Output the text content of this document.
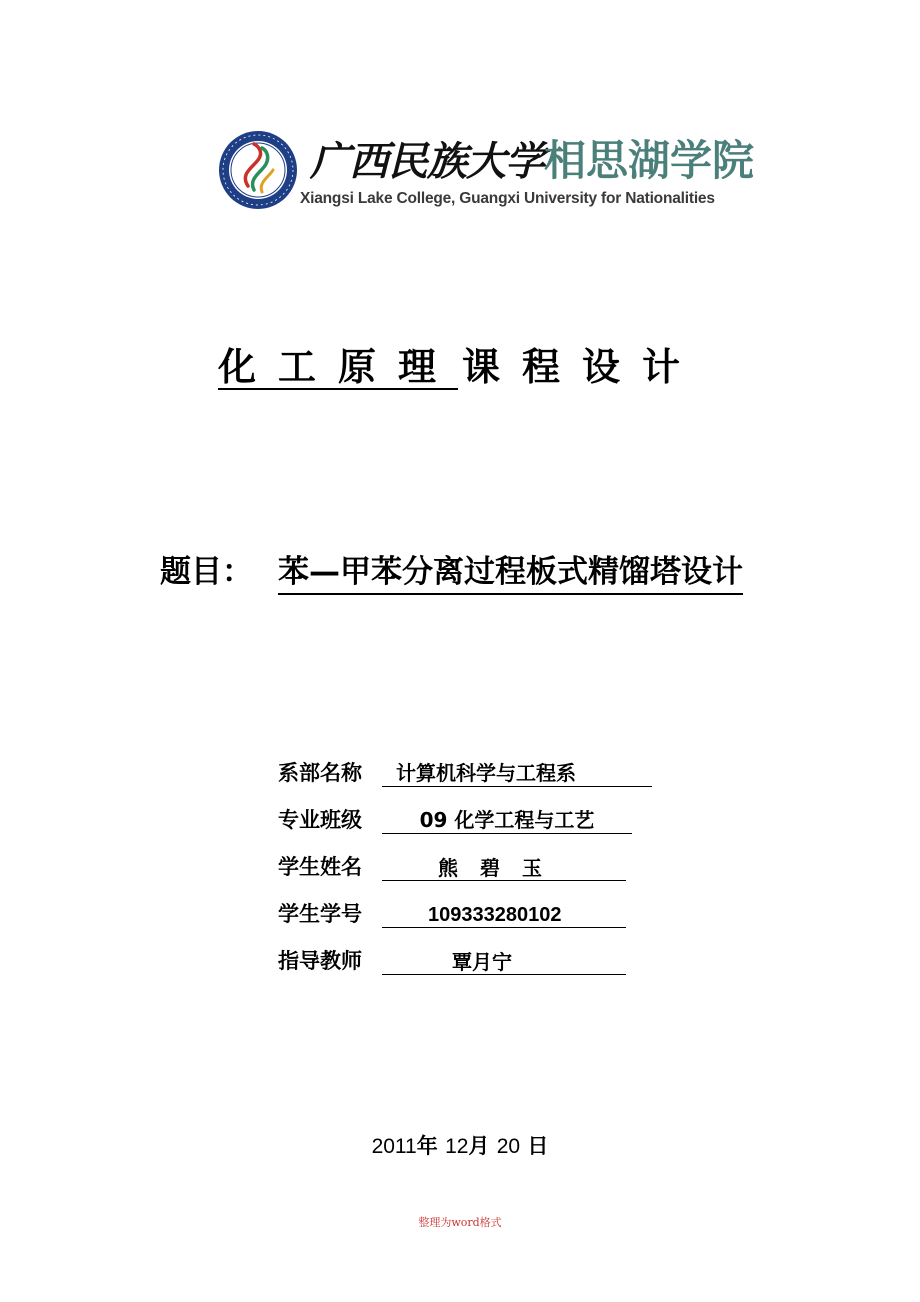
广西民族大学相思湖学院
Xiangsi Lake College, Guangxi University for Nationalities
化工原理 课程设计
题目： 苯—甲苯分离过程板式精馏塔设计
系部名称	计算机科学与工程系
专业班级	09 化学工程与工艺
学生姓名	熊碧玉
学生学号	109333280102
指导教师	覃月宁
2011年 12月 20 日
整理为word格式
